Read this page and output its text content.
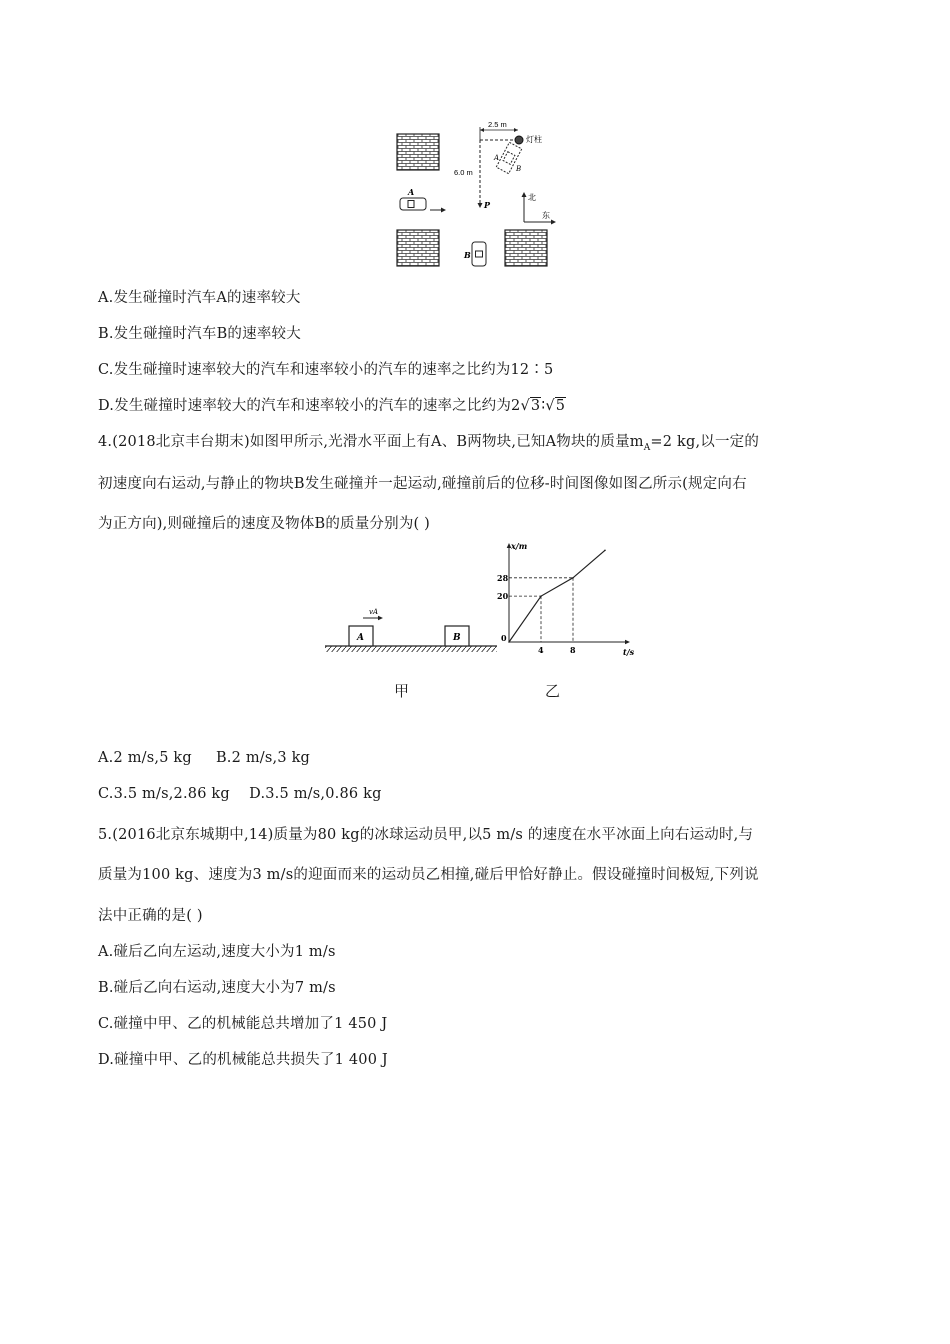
2.5 m
灯柱
P
6.0 m
A
B
北
东
A
B
A.发生碰撞时汽车A的速率较大
B.发生碰撞时汽车B的速率较大
C.发生碰撞时速率较大的汽车和速率较小的汽车的速率之比约为12∶5
D.发生碰撞时速率较大的汽车和速率较小的汽车的速率之比约为2√3∶√5
4.(2018北京丰台期末)如图甲所示,光滑水平面上有A、B两物块,已知A物块的质量$m_A=2$ kg,以一定的
初速度向右运动,与静止的物块B发生碰撞并一起运动,碰撞前后的位移-时间图像如图乙所示(规定向右
为正方向),则碰撞后的速度及物体B的质量分别为( )
A	B
vA
t/s
x/m
0
4	8
20
28
甲	乙
A.2 m/s,5 kg     B.2 m/s,3 kg
C.3.5 m/s,2.86 kg    D.3.5 m/s,0.86 kg
5.(2016北京东城期中,14)质量为80 kg的冰球运动员甲,以5 m/s 的速度在水平冰面上向右运动时,与
质量为100 kg、速度为3 m/s的迎面而来的运动员乙相撞,碰后甲恰好静止。假设碰撞时间极短,下列说
法中正确的是( )
A.碰后乙向左运动,速度大小为1 m/s
B.碰后乙向右运动,速度大小为7 m/s
C.碰撞中甲、乙的机械能总共增加了1 450 J
D.碰撞中甲、乙的机械能总共损失了1 400 J
